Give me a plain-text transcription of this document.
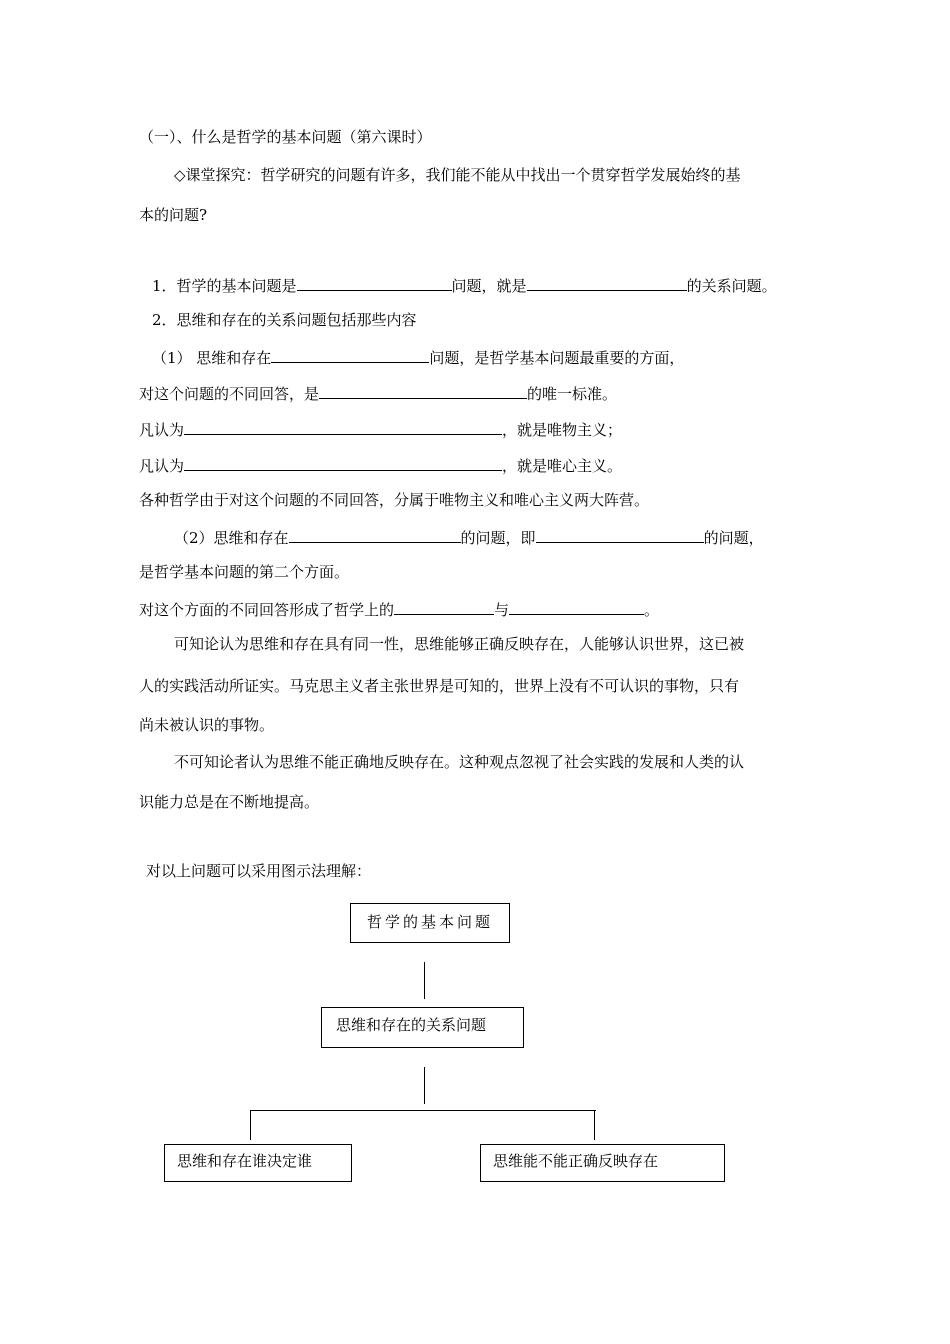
（一）、什么是哲学的基本问题（第六课时）
◇课堂探究：哲学研究的问题有许多，我们能不能从中找出一个贯穿哲学发展始终的基
本的问题?
1．哲学的基本问题是	问题，就是	的关系问题。
2．思维和存在的关系问题包括那些内容
（1） 思维和存在	问题，是哲学基本问题最重要的方面，
对这个问题的不同回答，是	的唯一标准。
凡认为	，就是唯物主义；
凡认为	，就是唯心主义。
各种哲学由于对这个问题的不同回答，分属于唯物主义和唯心主义两大阵营。
（2）思维和存在	的问题，即	的问题，
是哲学基本问题的第二个方面。
对这个方面的不同回答形成了哲学上的	与	。
可知论认为思维和存在具有同一性，思维能够正确反映存在，人能够认识世界，这已被
人的实践活动所证实。马克思主义者主张世界是可知的，世界上没有不可认识的事物，只有
尚未被认识的事物。
不可知论者认为思维不能正确地反映存在。这种观点忽视了社会实践的发展和人类的认
识能力总是在不断地提高。
对以上问题可以采用图示法理解：
哲学的基本问题
思维和存在的关系问题
思维和存在谁决定谁	思维能不能正确反映存在
